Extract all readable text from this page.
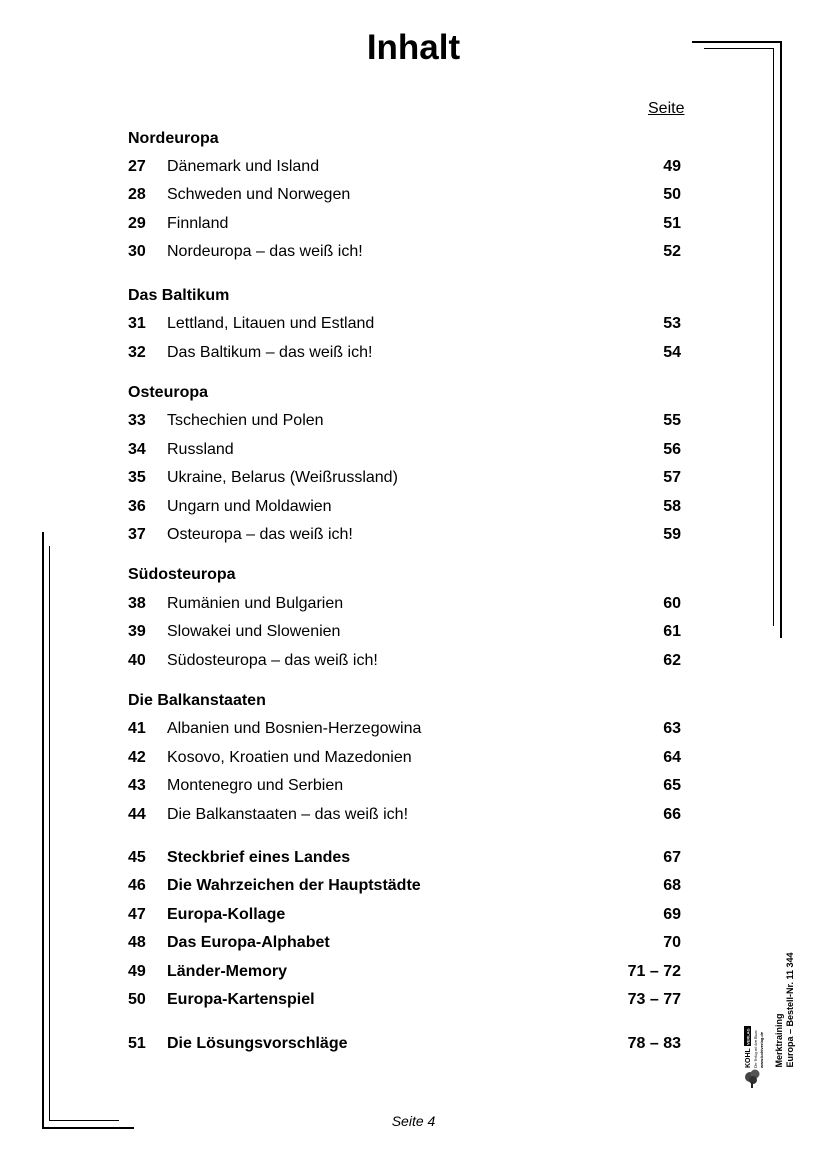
Inhalt
Seite
Nordeuropa
27 Dänemark und Island	49
28 Schweden und Norwegen	50
29 Finnland	51
30 Nordeuropa – das weiß ich!	52
Das Baltikum
31 Lettland, Litauen und Estland	53
32 Das Baltikum – das weiß ich!	54
Osteuropa
33 Tschechien und Polen	55
34 Russland	56
35 Ukraine, Belarus (Weißrussland)	57
36 Ungarn und Moldawien	58
37 Osteuropa – das weiß ich!	59
Südosteuropa
38 Rumänien und Bulgarien	60
39 Slowakei und Slowenien	61
40 Südosteuropa – das weiß ich!	62
Die Balkanstaaten
41 Albanien und Bosnien-Herzegowina	63
42 Kosovo, Kroatien und Mazedonien	64
43 Montenegro und Serbien	65
44 Die Balkanstaaten – das weiß ich!	66
45 Steckbrief eines Landes	67
46 Die Wahrzeichen der Hauptstädte	68
47 Europa-Kollage	69
48 Das Europa-Alphabet	70
49 Länder-Memory	71 – 72
50 Europa-Kartenspiel	73 – 77
51 Die Lösungsvorschläge	78 – 83	Merktraining Europa – Bestell-Nr. 11 344
KOHL
VERLAG Der Verlag mit dem Baum www.kohlverlag.de
Seite 4
